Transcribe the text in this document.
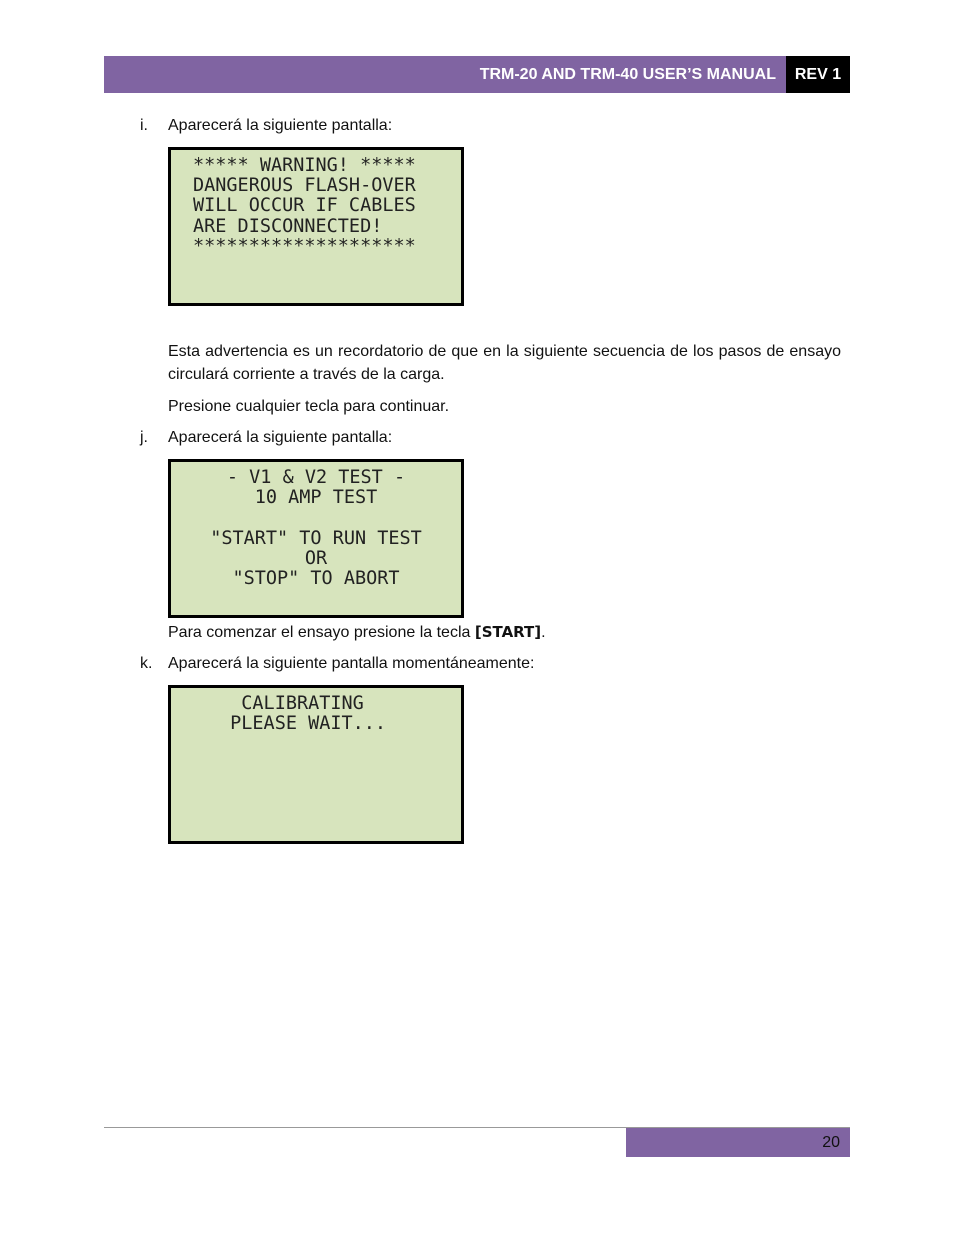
TRM-20 AND TRM-40 USER’S MANUAL REV 1
i.	Aparecerá la siguiente pantalla:
***** WARNING! *****
DANGEROUS FLASH-OVER
WILL OCCUR IF CABLES
ARE DISCONNECTED!
********************
Esta advertencia es un recordatorio de que en la siguiente secuencia de los pasos de ensayo circulará corriente a través de la carga.
Presione cualquier tecla para continuar.
j.	Aparecerá la siguiente pantalla:
- V1 & V2 TEST -
10 AMP TEST
"START" TO RUN TEST
OR
"STOP" TO ABORT
Para comenzar el ensayo presione la tecla [START].
k. Aparecerá la siguiente pantalla momentáneamente:
CALIBRATING
PLEASE WAIT...
20
